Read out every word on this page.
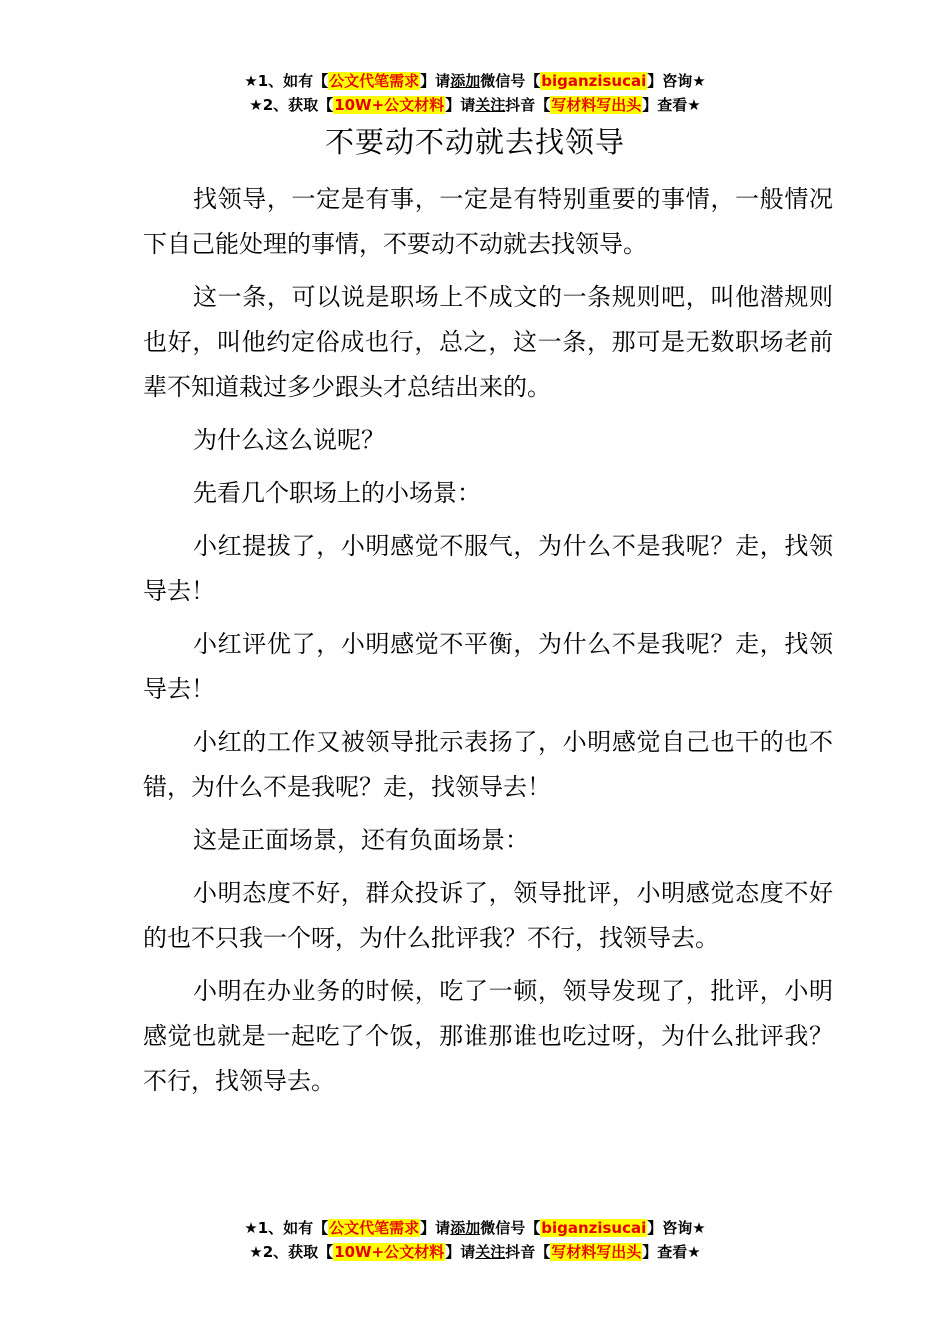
★1、如有【公文代笔需求】请添加微信号【biganzisucai】咨询★
★2、获取【10W+公文材料】请关注抖音【写材料写出头】查看★
不要动不动就去找领导

找领导，一定是有事，一定是有特别重要的事情，一般情况下自己能处理的事情，不要动不动就去找领导。

这一条，可以说是职场上不成文的一条规则吧，叫他潜规则也好，叫他约定俗成也行，总之，这一条，那可是无数职场老前辈不知道栽过多少跟头才总结出来的。

为什么这么说呢？

先看几个职场上的小场景：

小红提拔了，小明感觉不服气，为什么不是我呢？走，找领导去！

小红评优了，小明感觉不平衡，为什么不是我呢？走，找领导去！

小红的工作又被领导批示表扬了，小明感觉自己也干的也不错，为什么不是我呢？走，找领导去！

这是正面场景，还有负面场景：

小明态度不好，群众投诉了，领导批评，小明感觉态度不好的也不只我一个呀，为什么批评我？不行，找领导去。

小明在办业务的时候，吃了一顿，领导发现了，批评，小明感觉也就是一起吃了个饭，那谁那谁也吃过呀，为什么批评我？不行，找领导去。

★1、如有【公文代笔需求】请添加微信号【biganzisucai】咨询★
★2、获取【10W+公文材料】请关注抖音【写材料写出头】查看★
